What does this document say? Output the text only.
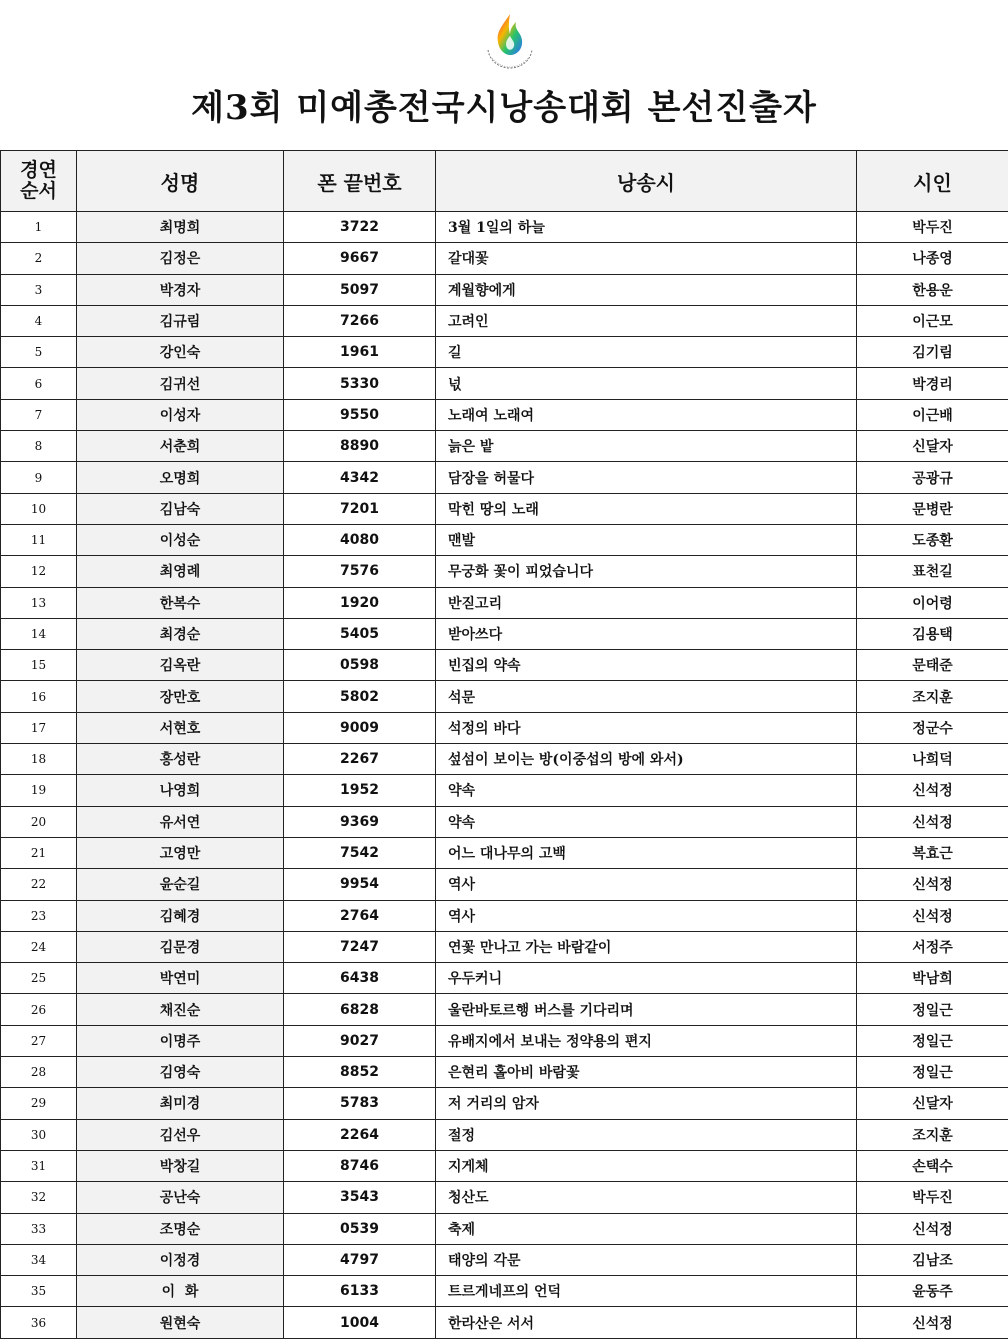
제3회 미예총전국시낭송대회 본선진출자
경연
순서	성명	폰 끝번호	낭송시	시인
1	최명희	3722	3월 1일의 하늘	박두진
2	김정은	9667	갈대꽃	나종영
3	박경자	5097	계월향에게	한용운
4	김규림	7266	고려인	이근모
5	강인숙	1961	길	김기림
6	김귀선	5330	넋	박경리
7	이성자	9550	노래여 노래여	이근배
8	서춘희	8890	늙은 밭	신달자
9	오명희	4342	담장을 허물다	공광규
10	김남숙	7201	막힌 땅의 노래	문병란
11	이성순	4080	맨발	도종환
12	최영례	7576	무궁화 꽃이 피었습니다	표천길
13	한복수	1920	반짇고리	이어령
14	최경순	5405	받아쓰다	김용택
15	김옥란	0598	빈집의 약속	문태준
16	장만호	5802	석문	조지훈
17	서현호	9009	석정의 바다	정군수
18	홍성란	2267	섶섬이 보이는 방(이중섭의 방에 와서)	나희덕
19	나영희	1952	약속	신석정
20	유서연	9369	약속	신석정
21	고영만	7542	어느 대나무의 고백	복효근
22	윤순길	9954	역사	신석정
23	김혜경	2764	역사	신석정
24	김문경	7247	연꽃 만나고 가는 바람같이	서정주
25	박연미	6438	우두커니	박남희
26	채진순	6828	울란바토르행 버스를 기다리며	정일근
27	이명주	9027	유배지에서 보내는 정약용의 편지	정일근
28	김영숙	8852	은현리 홀아비 바람꽃	정일근
29	최미경	5783	저 거리의 암자	신달자
30	김선우	2264	절정	조지훈
31	박창길	8746	지게체	손택수
32	공난숙	3543	청산도	박두진
33	조명순	0539	축제	신석정
34	이정경	4797	태양의 각문	김남조
35	이  화	6133	트르게네프의 언덕	윤동주
36	원현숙	1004	한라산은 서서	신석정
